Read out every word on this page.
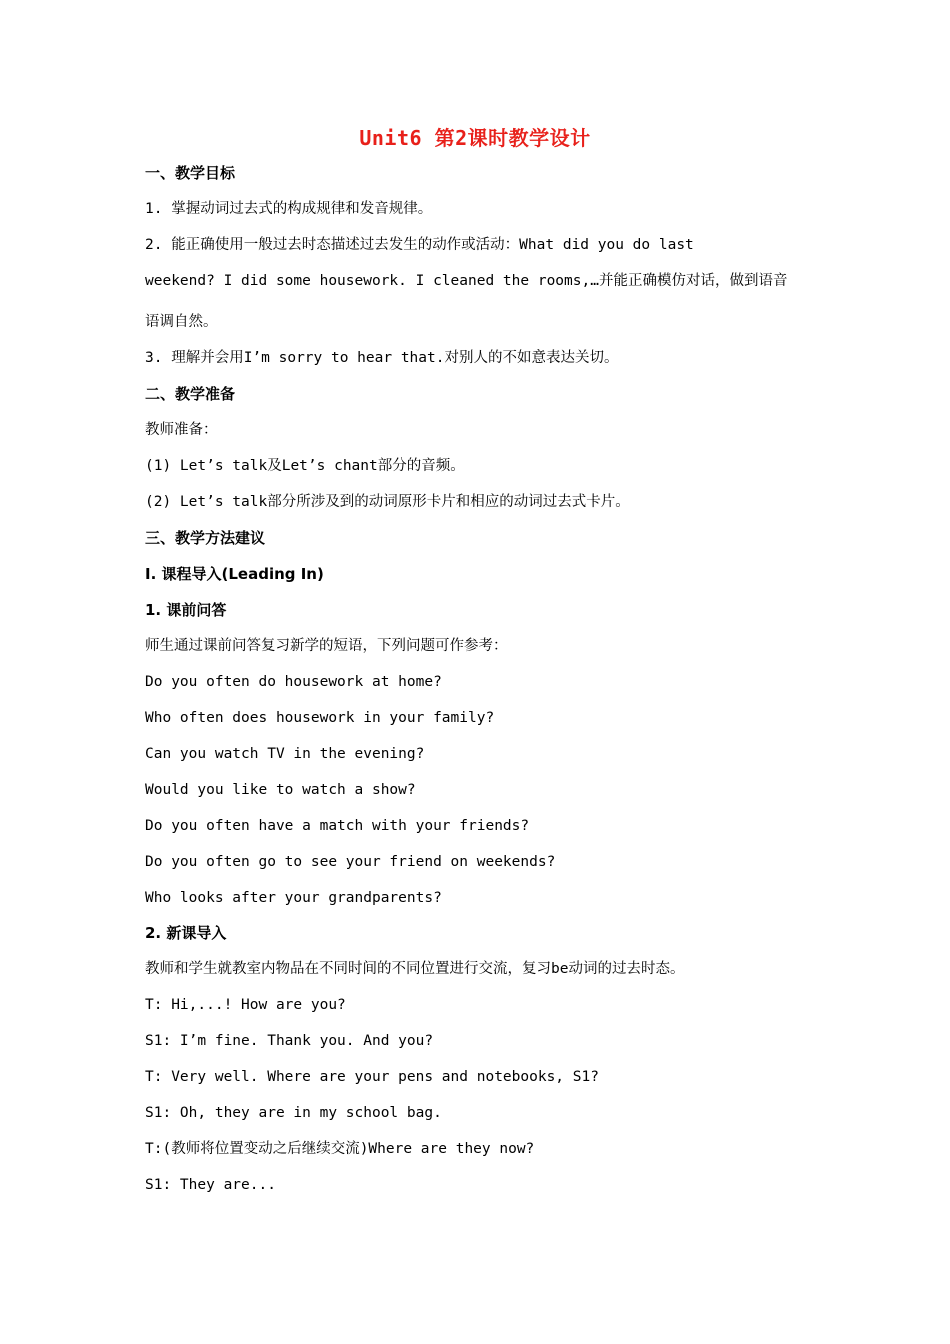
Unit6 第2课时教学设计
一、教学目标
1. 掌握动词过去式的构成规律和发音规律。
2. 能正确使用一般过去时态描述过去发生的动作或活动：What did you do last
weekend? I did some housework. I cleaned the rooms,…并能正确模仿对话，做到语音
语调自然。
3. 理解并会用I’m sorry to hear that.对别人的不如意表达关切。
二、教学准备
教师准备：
(1) Let’s talk及Let’s chant部分的音频。
(2) Let’s talk部分所涉及到的动词原形卡片和相应的动词过去式卡片。
三、教学方法建议
I. 课程导入(Leading In)
1. 课前问答
师生通过课前问答复习新学的短语，下列问题可作参考：
Do you often do housework at home?
Who often does housework in your family?
Can you watch TV in the evening?
Would you like to watch a show?
Do you often have a match with your friends?
Do you often go to see your friend on weekends?
Who looks after your grandparents?
2. 新课导入
教师和学生就教室内物品在不同时间的不同位置进行交流，复习be动词的过去时态。
T: Hi,...! How are you?
S1: I’m fine. Thank you. And you?
T: Very well. Where are your pens and notebooks, S1?
S1: Oh, they are in my school bag.
T:(教师将位置变动之后继续交流)Where are they now?
S1: They are...
